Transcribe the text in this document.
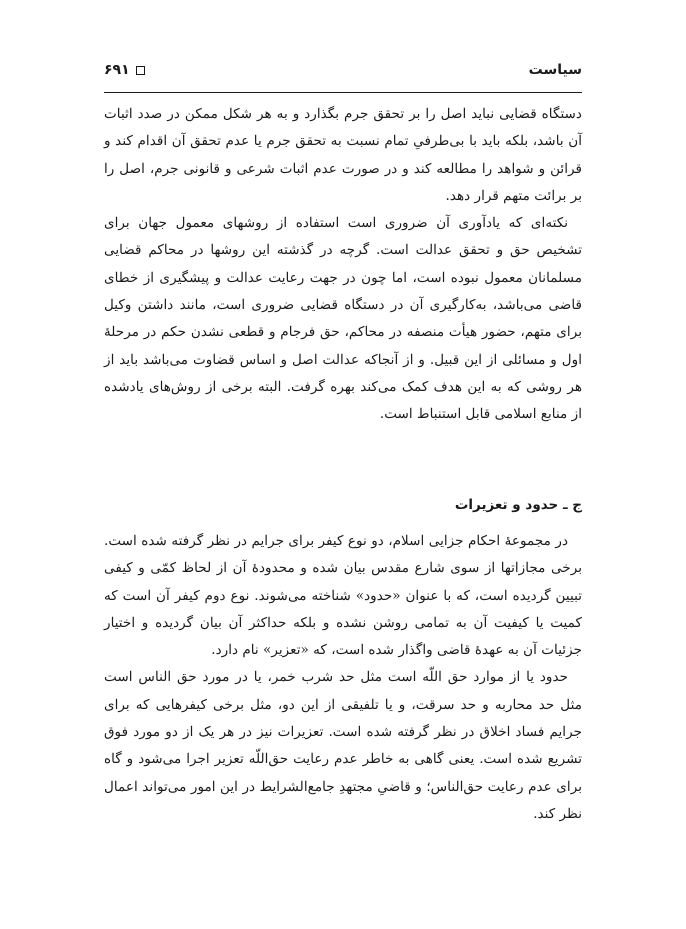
سیاست
۶۹۱

دستگاه قضایی نباید اصل را بر تحقق جرم بگذارد و به هر شکل ممکن در صدد اثبات آن باشد، بلکه باید با بی‌طرفیِ تمام نسبت به تحقق جرم یا عدم تحقق آن اقدام کند و قرائن و شواهد را مطالعه کند و در صورت عدم اثبات شرعی و قانونی جرم، اصل را بر برائت متهم قرار دهد.

نکته‌ای که یادآوری آن ضروری است استفاده از روشهای معمول جهان برای تشخیص حق و تحقق عدالت است. گرچه در گذشته این روشها در محاکم قضایی مسلمانان معمول نبوده است، اما چون در جهت رعایت عدالت و پیشگیری از خطای قاضی می‌باشد، به‌کارگیری آن در دستگاه قضایی ضروری است، مانند داشتن وکیل برای متهم، حضور هیأت منصفه در محاکم، حق فرجام و قطعی نشدن حکم در مرحلهٔ اول و مسائلی از این قبیل. و از آنجاکه عدالت اصل و اساس قضاوت می‌باشد باید از هر روشی که به این هدف کمک می‌کند بهره گرفت. البته برخی از روش‌های یادشده از منابع اسلامی قابل استنباط است.

ج ـ حدود و تعزیرات

در مجموعهٔ احکام جزایی اسلام، دو نوع کیفر برای جرایم در نظر گرفته شده است. برخی مجازاتها از سوی شارع مقدس بیان شده و محدودهٔ آن از لحاظ کمّی و کیفی تبیین گردیده است، که با عنوان «حدود» شناخته می‌شوند. نوع دوم کیفر آن است که کمیت یا کیفیت آن به تمامی روشن نشده و بلکه حداکثر آن بیان گردیده و اختیار جزئیات آن به عهدهٔ قاضی واگذار شده است، که «تعزیر» نام دارد.

حدود یا از موارد حق اللّه است مثل حد شرب خمر، یا در مورد حق الناس است مثل حد محاربه و حد سرقت، و یا تلفیقی از این دو، مثل برخی کیفرهایی که برای جرایم فساد اخلاق در نظر گرفته شده است. تعزیرات نیز در هر یک از دو مورد فوق تشریع شده است. یعنی گاهی به خاطر عدم رعایت حق‌اللّه تعزیر اجرا می‌شود و گاه برای عدم رعایت حق‌الناس؛ و قاضیِ مجتهدِ جامع‌الشرایط در این امور می‌تواند اعمال نظر کند.
